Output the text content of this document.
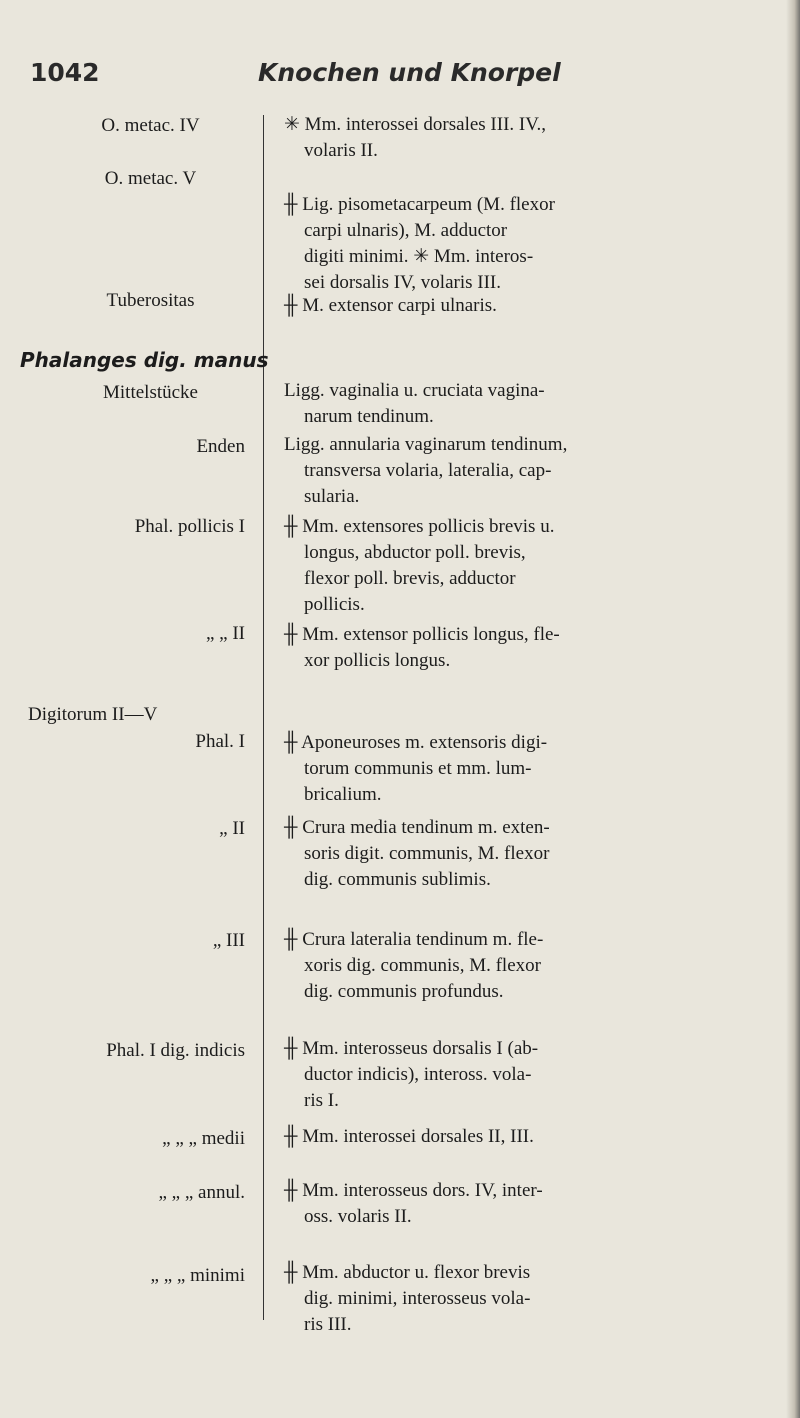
1042	Knochen und Knorpel
O. metac. IV
O. metac. V
Tuberositas
Phalanges dig. manus
Mittelstücke
Enden
Phal. pollicis I
„ „ II
Digitorum II—V
Phal. I
„ II
„ III
Phal. I dig. indicis
„ „ „ medii
„ „ „ annul.
„ „ „ minimi
✳ Mm. interossei dorsales III. IV.,
volaris II.
╫ Lig. pisometacarpeum (M. flexor
carpi ulnaris), M. adductor
digiti minimi. ✳ Mm. interos-
sei dorsalis IV, volaris III.
╫ M. extensor carpi ulnaris.
Ligg. vaginalia u. cruciata vagina-
narum tendinum.
Ligg. annularia vaginarum tendinum,
transversa volaria, lateralia, cap-
sularia.
╫ Mm. extensores pollicis brevis u.
longus, abductor poll. brevis,
flexor poll. brevis, adductor
pollicis.
╫ Mm. extensor pollicis longus, fle-
xor pollicis longus.
╫ Aponeuroses m. extensoris digi-
torum communis et mm. lum-
bricalium.
╫ Crura media tendinum m. exten-
soris digit. communis, M. flexor
dig. communis sublimis.
╫ Crura lateralia tendinum m. fle-
xoris dig. communis, M. flexor
dig. communis profundus.
╫ Mm. interosseus dorsalis I (ab-
ductor indicis), inteross. vola-
ris I.
╫ Mm. interossei dorsales II, III.
╫ Mm. interosseus dors. IV, inter-
oss. volaris II.
╫ Mm. abductor u. flexor brevis
dig. minimi, interosseus vola-
ris III.
